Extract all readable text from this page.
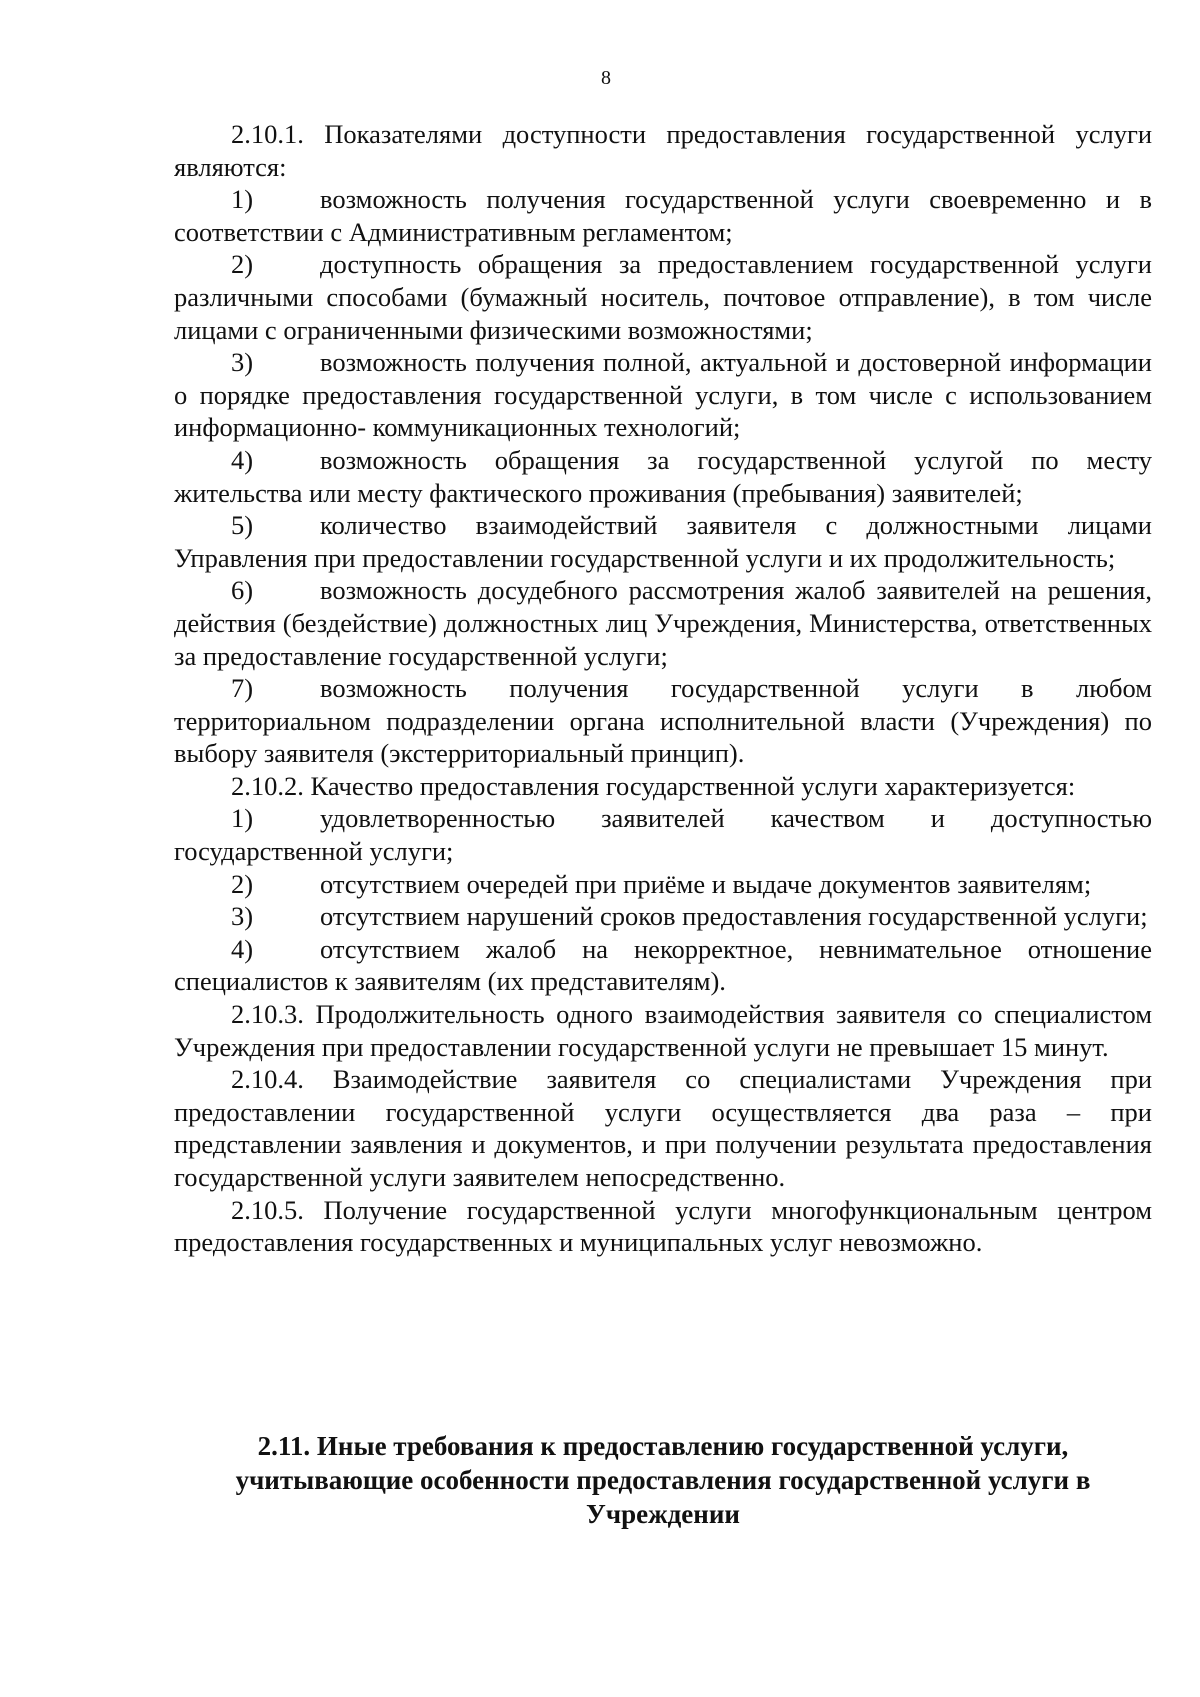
8

2.10.1. Показателями доступности предоставления государственной услуги являются:

1)	возможность получения государственной услуги своевременно и в соответствии с Административным регламентом;

2)	доступность обращения за предоставлением государственной услуги различными способами (бумажный носитель, почтовое отправление), в том числе лицами с ограниченными физическими возможностями;

3)	возможность получения полной, актуальной и достоверной информации о порядке предоставления государственной услуги, в том числе с использованием информационно- коммуникационных технологий;

4)	возможность обращения за государственной услугой по месту жительства или месту фактического проживания (пребывания) заявителей;

5)	количество взаимодействий заявителя с должностными лицами Управления при предоставлении государственной услуги и их продолжительность;

6)	возможность досудебного рассмотрения жалоб заявителей на решения, действия (бездействие) должностных лиц Учреждения, Министерства, ответственных за предоставление государственной услуги;

7)	возможность получения государственной услуги в любом территориальном подразделении органа исполнительной власти (Учреждения) по выбору заявителя (экстерриториальный принцип).

2.10.2. Качество предоставления государственной услуги характеризуется:

1)	удовлетворенностью заявителей качеством и доступностью государственной услуги;

2)	отсутствием очередей при приёме и выдаче документов заявителям;

3)	отсутствием нарушений сроков предоставления государственной услуги;

4)	отсутствием жалоб на некорректное, невнимательное отношение специалистов к заявителям (их представителям).

2.10.3. Продолжительность одного взаимодействия заявителя со специалистом Учреждения при предоставлении государственной услуги не превышает 15 минут.

2.10.4. Взаимодействие заявителя со специалистами Учреждения при предоставлении государственной услуги осуществляется два раза – при представлении заявления и документов, и при получении результата предоставления государственной услуги заявителем непосредственно.

2.10.5. Получение государственной услуги многофункциональным центром предоставления государственных и муниципальных услуг невозможно.

2.11. Иные требования к предоставлению государственной услуги,
учитывающие особенности предоставления государственной услуги в
Учреждении
